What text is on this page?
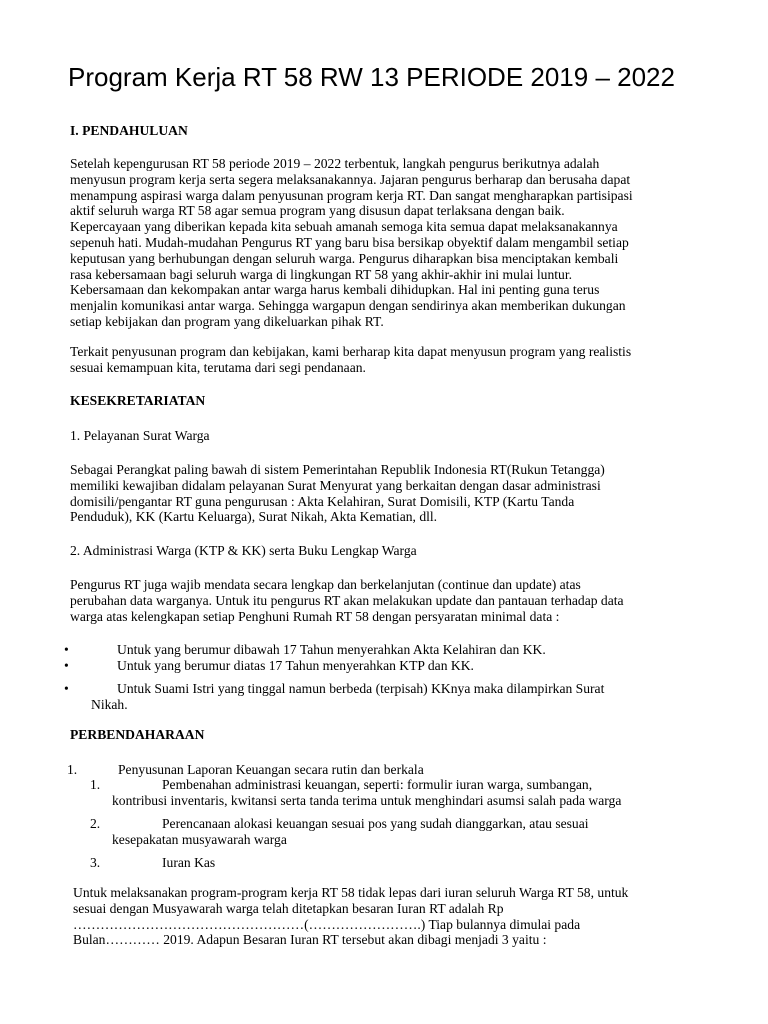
Program Kerja RT 58 RW 13 PERIODE 2019 – 2022
I. PENDAHULUAN
Setelah kepengurusan RT 58 periode 2019 – 2022 terbentuk, langkah pengurus berikutnya adalah
menyusun program kerja serta segera melaksanakannya. Jajaran pengurus berharap dan berusaha dapat
menampung aspirasi warga dalam penyusunan program kerja RT. Dan sangat mengharapkan partisipasi
aktif seluruh warga RT 58 agar semua program yang disusun dapat terlaksana dengan baik.
Kepercayaan yang diberikan kepada kita sebuah amanah semoga kita semua dapat melaksanakannya
sepenuh hati. Mudah-mudahan Pengurus RT yang baru bisa bersikap obyektif dalam mengambil setiap
keputusan yang berhubungan dengan seluruh warga. Pengurus diharapkan bisa menciptakan kembali
rasa kebersamaan bagi seluruh warga di lingkungan RT 58 yang akhir-akhir ini mulai luntur.
Kebersamaan dan kekompakan antar warga harus kembali dihidupkan. Hal ini penting guna terus
menjalin komunikasi antar warga. Sehingga wargapun dengan sendirinya akan memberikan dukungan
setiap kebijakan dan program yang dikeluarkan pihak RT.
Terkait penyusunan program dan kebijakan, kami berharap kita dapat menyusun program yang realistis
sesuai kemampuan kita, terutama dari segi pendanaan.
KESEKRETARIATAN
1. Pelayanan Surat Warga
Sebagai Perangkat paling bawah di sistem Pemerintahan Republik Indonesia RT(Rukun Tetangga)
memiliki kewajiban didalam pelayanan Surat Menyurat yang berkaitan dengan dasar administrasi
domisili/pengantar RT guna pengurusan : Akta Kelahiran, Surat Domisili, KTP (Kartu Tanda
Penduduk), KK (Kartu Keluarga), Surat Nikah, Akta Kematian, dll.
2. Administrasi Warga (KTP & KK) serta Buku Lengkap Warga
Pengurus RT juga wajib mendata secara lengkap dan berkelanjutan (continue dan update) atas
perubahan data warganya. Untuk itu pengurus RT akan melakukan update dan pantauan terhadap data
warga atas kelengkapan setiap Penghuni Rumah RT 58 dengan persyaratan minimal data :
•	Untuk yang berumur dibawah 17 Tahun menyerahkan Akta Kelahiran dan KK.
•	Untuk yang berumur diatas 17 Tahun menyerahkan KTP dan KK.
•	Untuk Suami Istri yang tinggal namun berbeda (terpisah) KKnya maka dilampirkan Surat
Nikah.
PERBENDAHARAAN
1.	Penyusunan Laporan Keuangan secara rutin dan berkala
1.	Pembenahan administrasi keuangan, seperti: formulir iuran warga, sumbangan,
kontribusi inventaris, kwitansi serta tanda terima untuk menghindari asumsi salah pada warga
2.	Perencanaan alokasi keuangan sesuai pos yang sudah dianggarkan, atau sesuai
kesepakatan musyawarah warga
3.	Iuran Kas
Untuk melaksanakan program-program kerja RT 58 tidak lepas dari iuran seluruh Warga RT 58, untuk
sesuai dengan Musyawarah warga telah ditetapkan besaran Iuran RT adalah Rp
……………………………………………(…………………….) Tiap bulannya dimulai pada
Bulan………… 2019. Adapun Besaran Iuran RT tersebut akan dibagi menjadi 3 yaitu :
